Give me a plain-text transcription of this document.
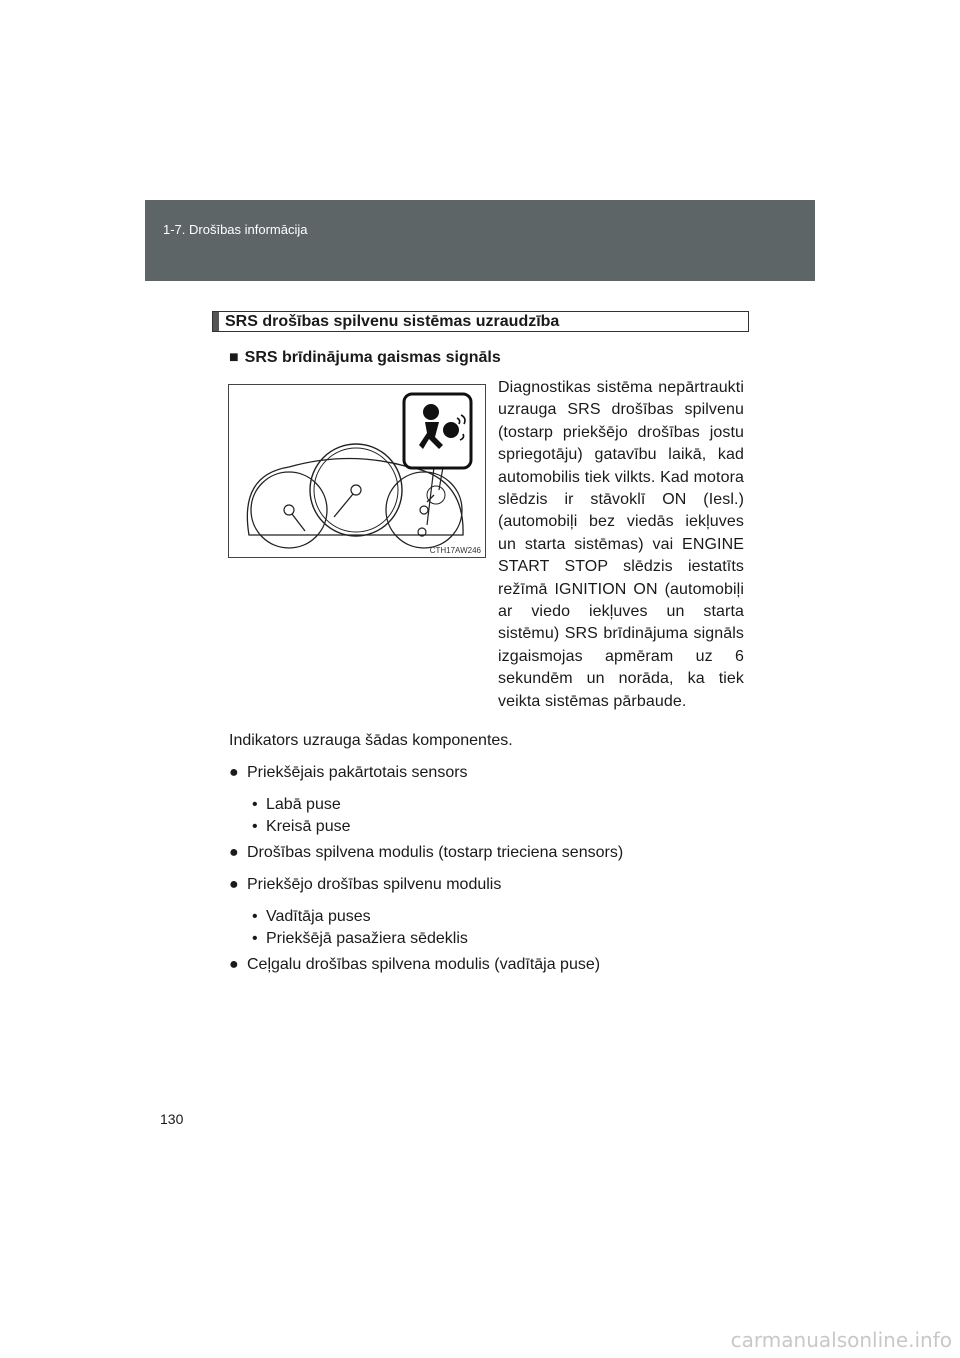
1-7. Drošības informācija
SRS drošības spilvenu sistēmas uzraudzība
■ SRS brīdinājuma gaismas signāls
CTH17AW246
Diagnostikas sistēma nepārtraukti uzrauga SRS drošības spilvenu (tostarp priekšējo drošības jostu spriegotāju) gatavību laikā, kad automobilis tiek vilkts. Kad motora slēdzis ir stāvoklī ON (Iesl.) (automobiļi bez viedās iekļuves un starta sistēmas) vai ENGINE START STOP slēdzis iestatīts režīmā IGNITION ON (automobiļi ar viedo iekļuves un starta sistēmu) SRS brīdinājuma signāls izgaismojas apmēram uz 6 sekundēm un norāda, ka tiek veikta sistēmas pārbaude.
Indikators uzrauga šādas komponentes.
● Priekšējais pakārtotais sensors
• Labā puse
• Kreisā puse
● Drošības spilvena modulis (tostarp trieciena sensors)
● Priekšējo drošības spilvenu modulis
• Vadītāja puses
• Priekšējā pasažiera sēdeklis
● Ceļgalu drošības spilvena modulis (vadītāja puse)
130
carmanualsonline.info
